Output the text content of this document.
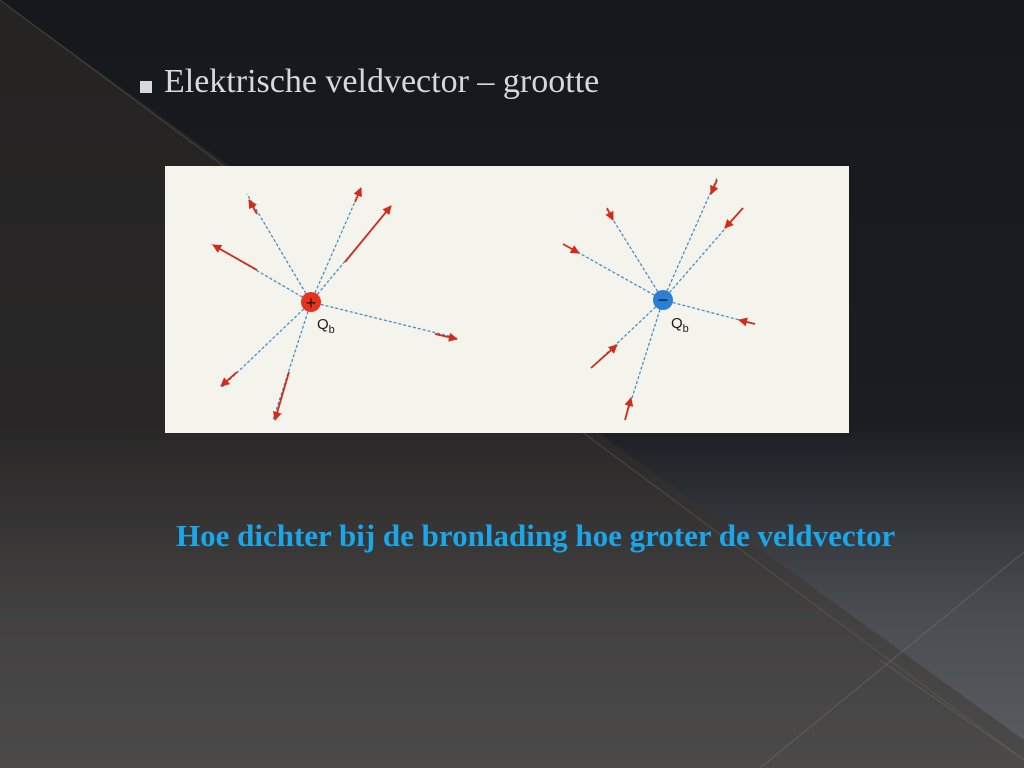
Elektrische veldvector – grootte
+
$Q_b$
−
$Q_b$
Hoe dichter bij de bronlading hoe groter de veldvector
